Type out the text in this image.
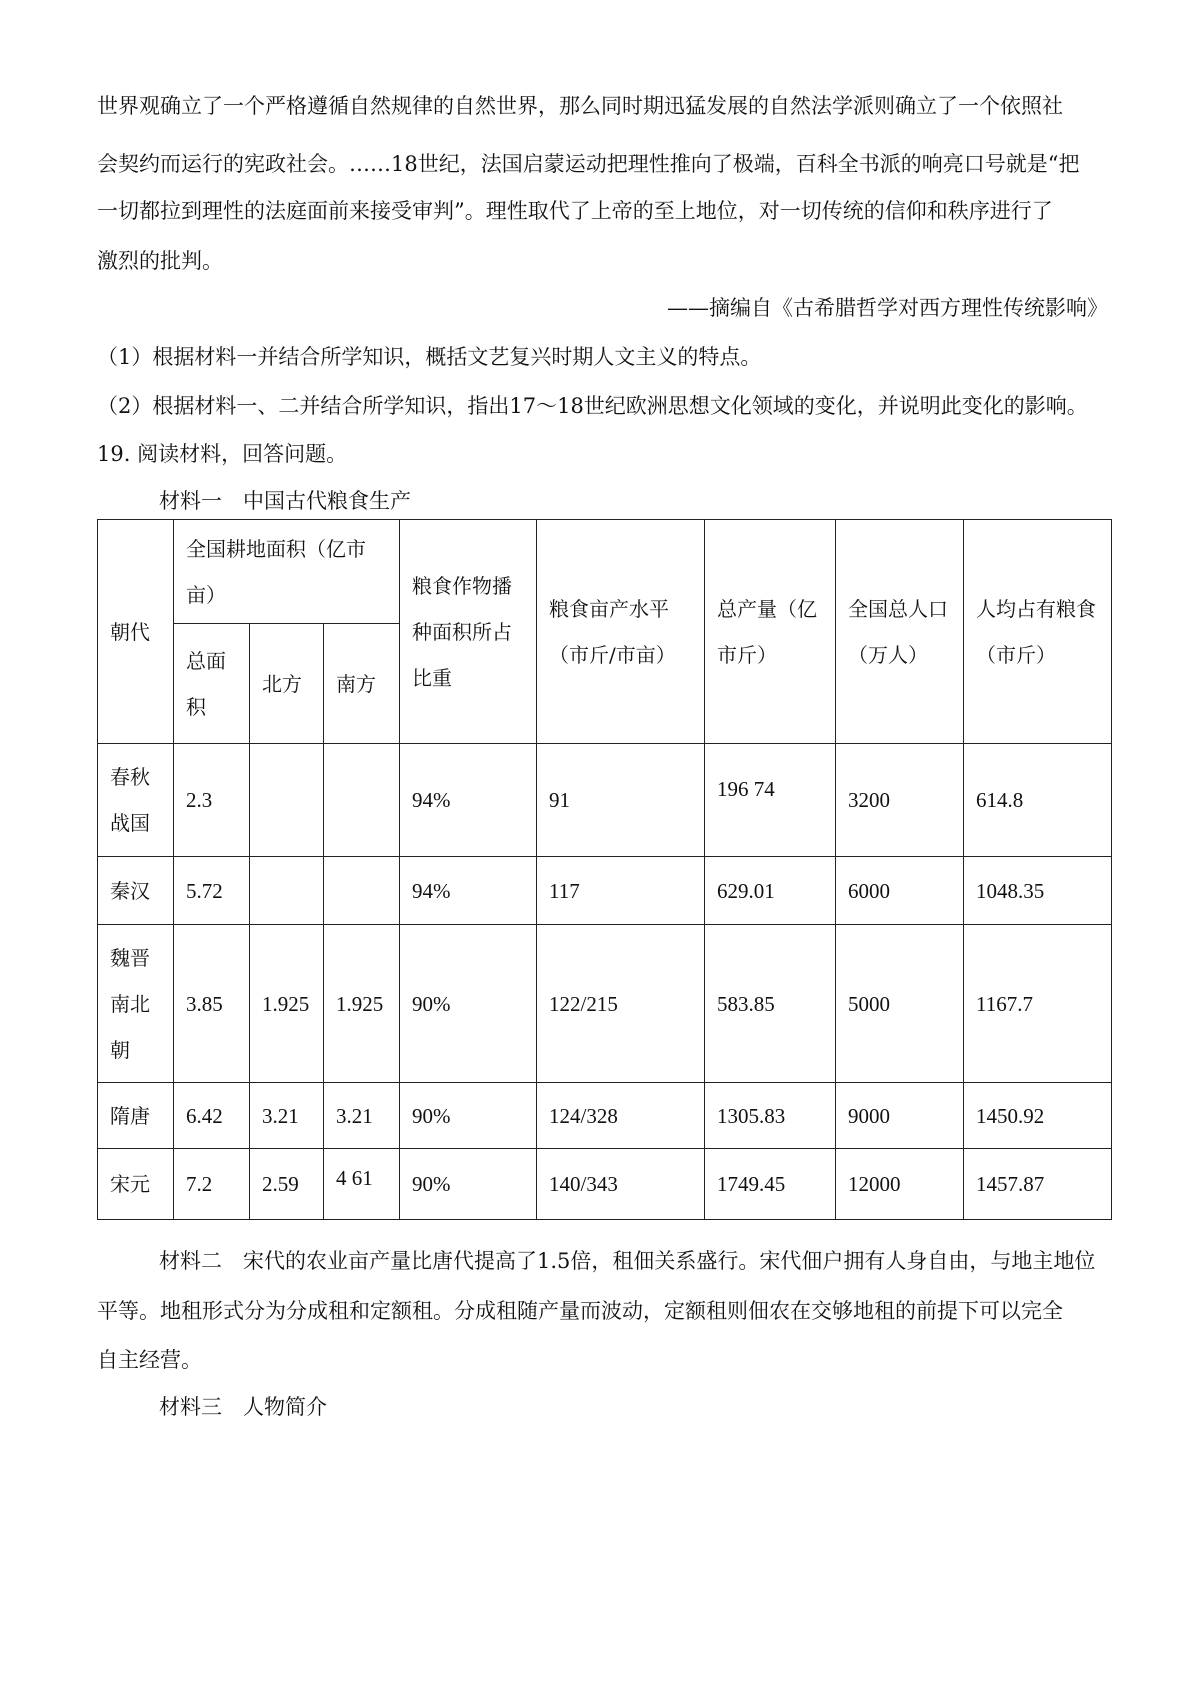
世界观确立了一个严格遵循自然规律的自然世界，那么同时期迅猛发展的自然法学派则确立了一个依照社
会契约而运行的宪政社会。……18世纪，法国启蒙运动把理性推向了极端，百科全书派的响亮口号就是“把
一切都拉到理性的法庭面前来接受审判”。理性取代了上帝的至上地位，对一切传统的信仰和秩序进行了
激烈的批判。
——摘编自《古希腊哲学对西方理性传统影响》
（1）根据材料一并结合所学知识，概括文艺复兴时期人文主义的特点。
（2）根据材料一、二并结合所学知识，指出17～18世纪欧洲思想文化领域的变化，并说明此变化的影响。
19. 阅读材料，回答问题。
材料一　中国古代粮食生产
朝代	全国耕地面积（亿市亩）			粮食作物播种面积所占比重	粮食亩产水平（市斤/市亩）	总产量（亿市斤）	全国总人口（万人）	人均占有粮食（市斤）
	总面积	北方	南方					
春秋战国	2.3			94%	91	196 74	3200	614.8
秦汉	5.72			94%	117	629.01	6000	1048.35
魏晋南北朝	3.85	1.925	1.925	90%	122/215	583.85	5000	1167.7
隋唐	6.42	3.21	3.21	90%	124/328	1305.83	9000	1450.92
宋元	7.2	2.59	4 61	90%	140/343	1749.45	12000	1457.87
材料二　宋代的农业亩产量比唐代提高了1.5倍，租佃关系盛行。宋代佃户拥有人身自由，与地主地位
平等。地租形式分为分成租和定额租。分成租随产量而波动，定额租则佃农在交够地租的前提下可以完全
自主经营。
材料三　人物简介
